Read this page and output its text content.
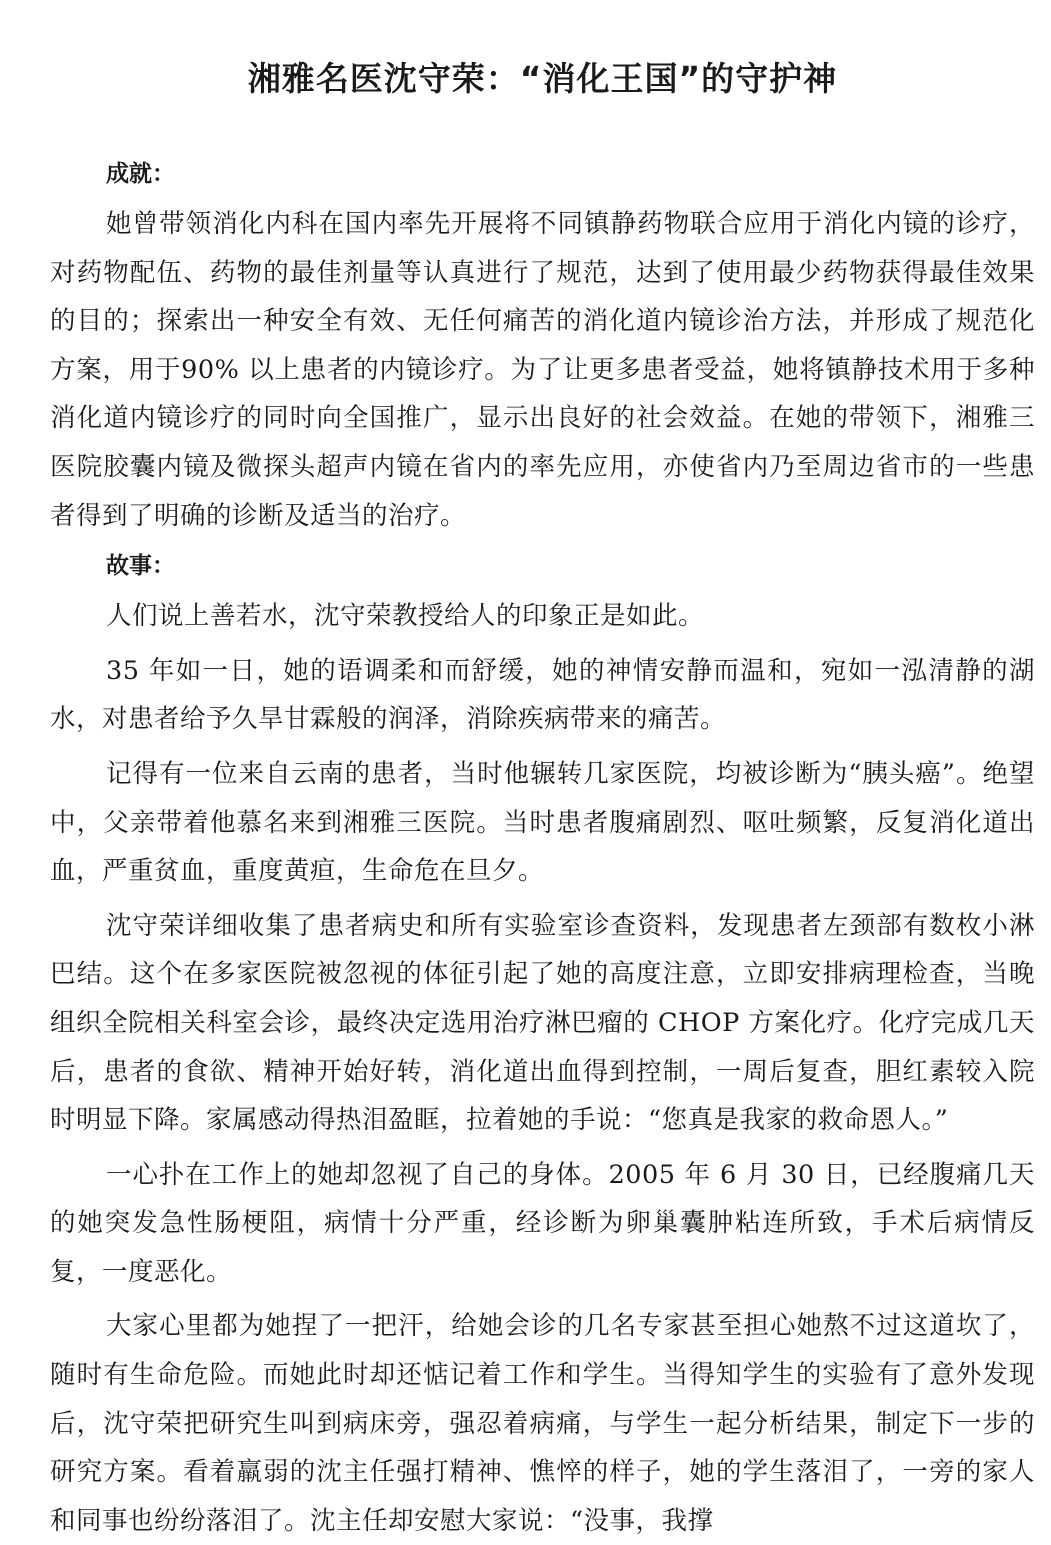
湘雅名医沈守荣：“消化王国”的守护神

成就：

她曾带领消化内科在国内率先开展将不同镇静药物联合应用于消化内镜的诊疗，对药物配伍、药物的最佳剂量等认真进行了规范，达到了使用最少药物获得最佳效果的目的；探索出一种安全有效、无任何痛苦的消化道内镜诊治方法，并形成了规范化方案，用于90% 以上患者的内镜诊疗。为了让更多患者受益，她将镇静技术用于多种消化道内镜诊疗的同时向全国推广，显示出良好的社会效益。在她的带领下，湘雅三医院胶囊内镜及微探头超声内镜在省内的率先应用，亦使省内乃至周边省市的一些患者得到了明确的诊断及适当的治疗。

故事：

人们说上善若水，沈守荣教授给人的印象正是如此。

35 年如一日，她的语调柔和而舒缓，她的神情安静而温和，宛如一泓清静的湖水，对患者给予久旱甘霖般的润泽，消除疾病带来的痛苦。

记得有一位来自云南的患者，当时他辗转几家医院，均被诊断为“胰头癌”。绝望中，父亲带着他慕名来到湘雅三医院。当时患者腹痛剧烈、呕吐频繁，反复消化道出血，严重贫血，重度黄疸，生命危在旦夕。

沈守荣详细收集了患者病史和所有实验室诊查资料，发现患者左颈部有数枚小淋巴结。这个在多家医院被忽视的体征引起了她的高度注意，立即安排病理检查，当晚组织全院相关科室会诊，最终决定选用治疗淋巴瘤的 CHOP 方案化疗。化疗完成几天后，患者的食欲、精神开始好转，消化道出血得到控制，一周后复查，胆红素较入院时明显下降。家属感动得热泪盈眶，拉着她的手说：“您真是我家的救命恩人。”

一心扑在工作上的她却忽视了自己的身体。2005 年 6 月 30 日，已经腹痛几天的她突发急性肠梗阻，病情十分严重，经诊断为卵巢囊肿粘连所致，手术后病情反复，一度恶化。

大家心里都为她捏了一把汗，给她会诊的几名专家甚至担心她熬不过这道坎了，随时有生命危险。而她此时却还惦记着工作和学生。当得知学生的实验有了意外发现后，沈守荣把研究生叫到病床旁，强忍着病痛，与学生一起分析结果，制定下一步的研究方案。看着羸弱的沈主任强打精神、憔悴的样子，她的学生落泪了，一旁的家人和同事也纷纷落泪了。沈主任却安慰大家说：“没事，我撑
